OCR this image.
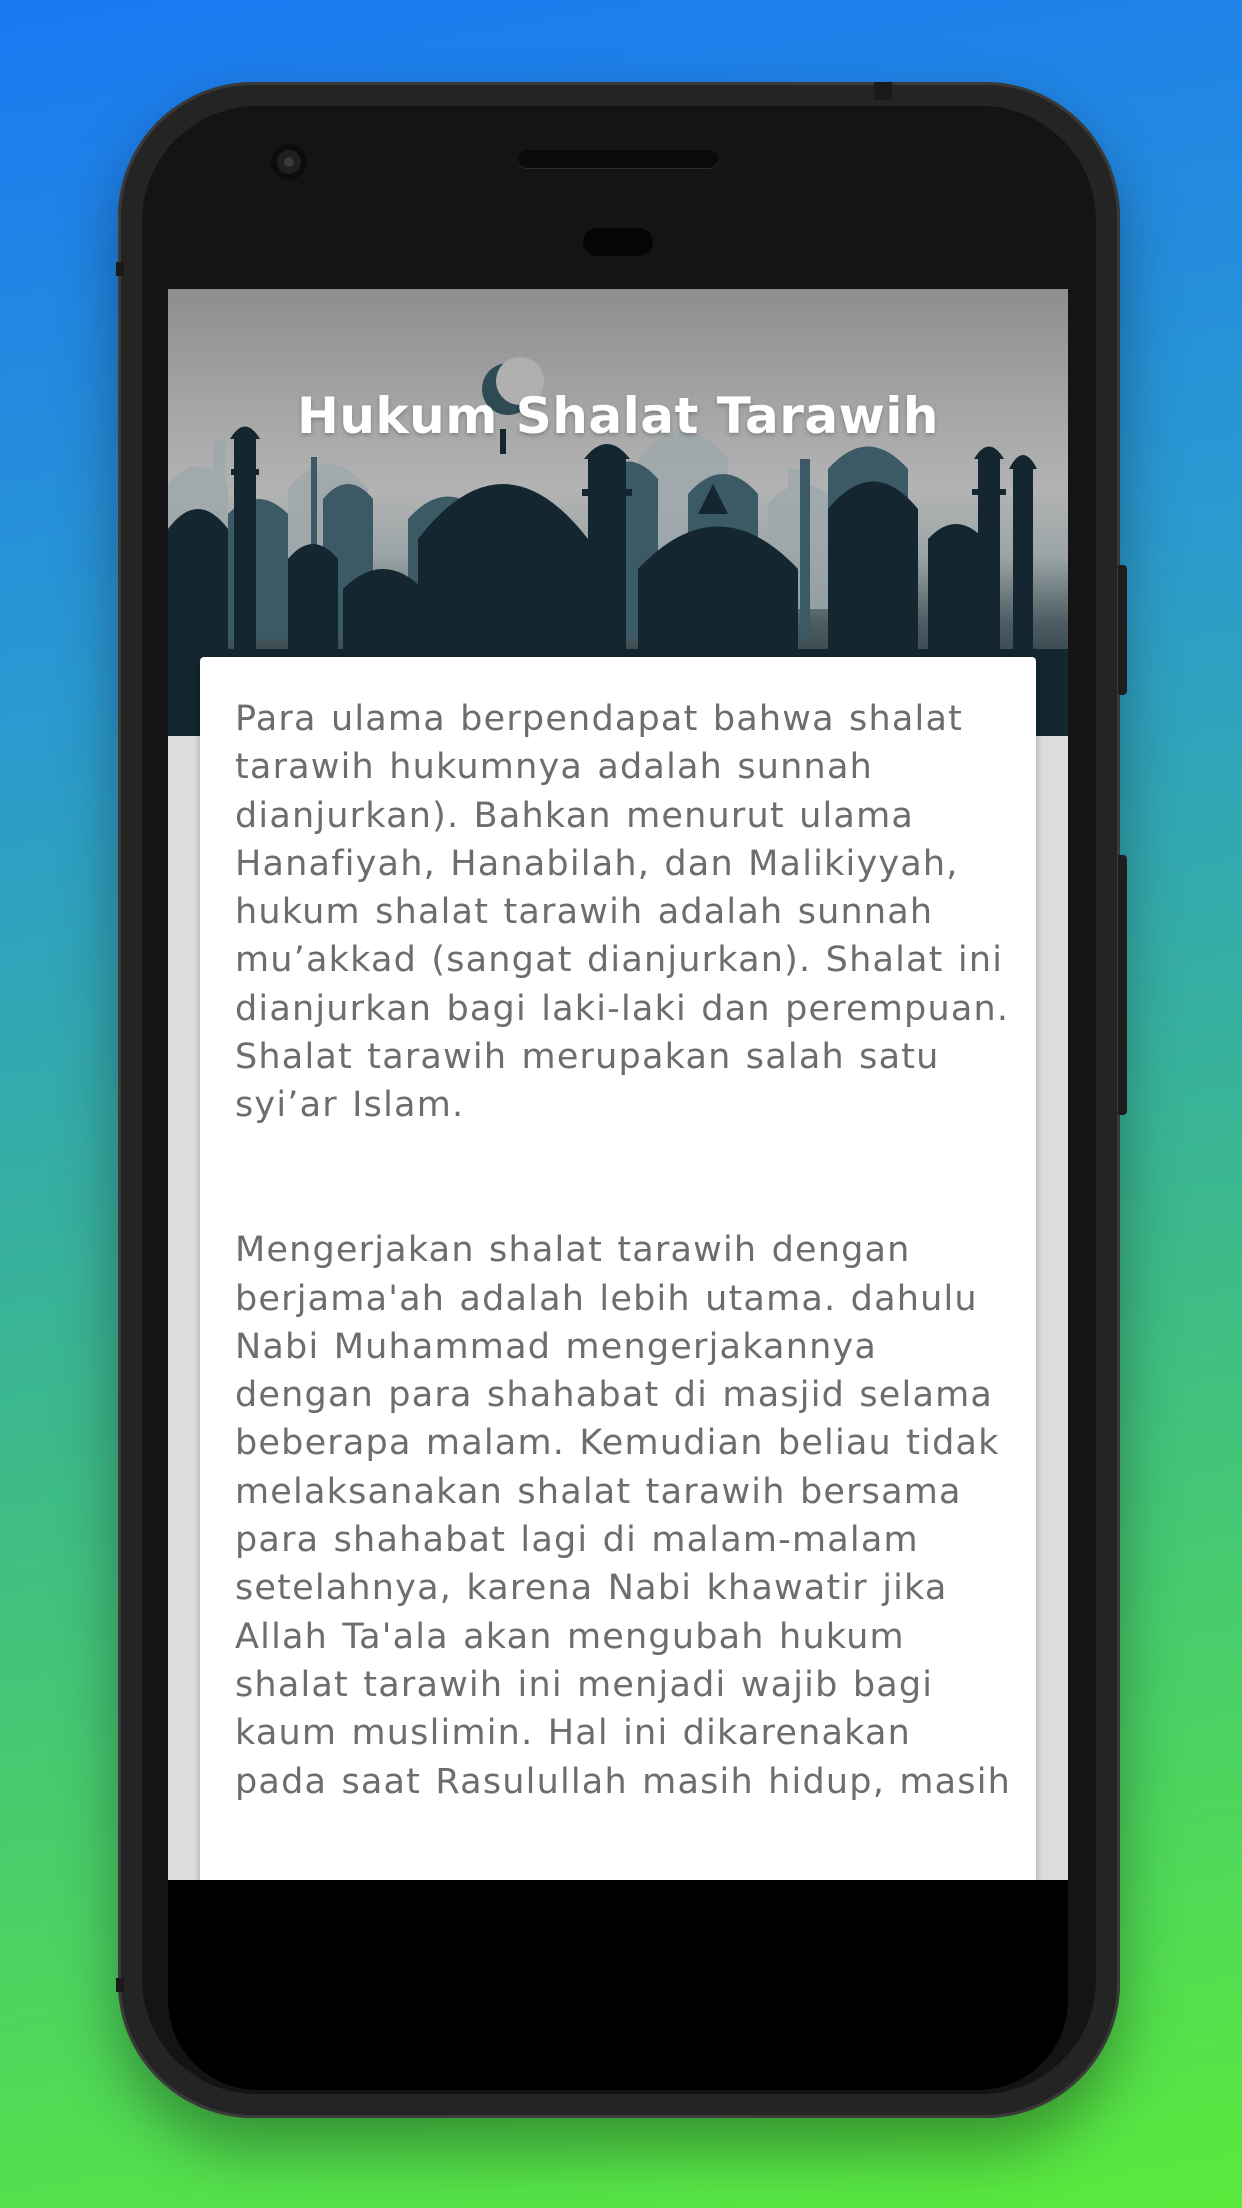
Hukum Shalat Tarawih
Para ulama berpendapat bahwa shalat tarawih hukumnya adalah sunnah dianjurkan). Bahkan menurut ulama Hanafiyah, Hanabilah, dan Malikiyyah, hukum shalat tarawih adalah sunnah mu’akkad (sangat dianjurkan). Shalat ini dianjurkan bagi laki-laki dan perempuan. Shalat tarawih merupakan salah satu syi’ar Islam.

Mengerjakan shalat tarawih dengan berjama'ah adalah lebih utama. dahulu Nabi Muhammad mengerjakannya dengan para shahabat di masjid selama beberapa malam. Kemudian beliau tidak melaksanakan shalat tarawih bersama para shahabat lagi di malam-malam setelahnya, karena Nabi khawatir jika Allah Ta'ala akan mengubah hukum shalat tarawih ini menjadi wajib bagi kaum muslimin. Hal ini dikarenakan pada saat Rasulullah masih hidup, masih
